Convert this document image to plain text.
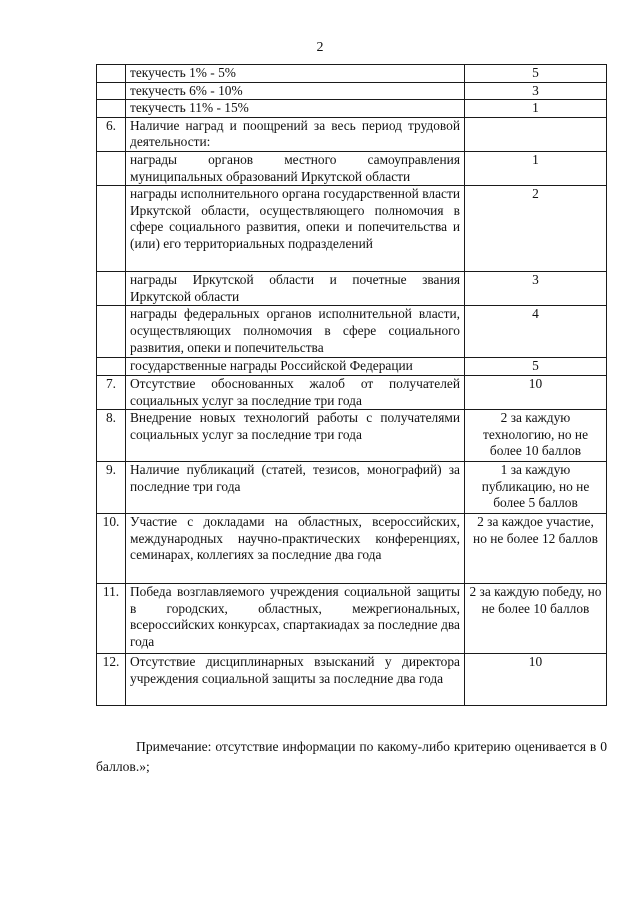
2
	текучесть 1% - 5%	5
	текучесть 6% - 10%	3
	текучесть 11% - 15%	1
6.	Наличие наград и поощрений за весь период трудовой деятельности:	
	награды органов местного самоуправления муниципальных образований Иркутской области	1
	награды исполнительного органа государственной власти Иркутской области, осуществляющего полномочия в сфере социального развития, опеки и попечительства и (или) его территориальных подразделений	2
	награды Иркутской области и почетные звания Иркутской области	3
	награды федеральных органов исполнительной власти, осуществляющих полномочия в сфере социального развития, опеки и попечительства	4
	государственные награды Российской Федерации	5
7.	Отсутствие обоснованных жалоб от получателей социальных услуг за последние три года	10
8.	Внедрение новых технологий работы с получателями социальных услуг за последние три года	2 за каждую технологию, но не более 10 баллов
9.	Наличие публикаций (статей, тезисов, монографий) за последние три года	1 за каждую публикацию, но не более 5 баллов
10.	Участие с докладами на областных, всероссийских, международных научно-практических конференциях, семинарах, коллегиях за последние два года	2 за каждое участие, но не более 12 баллов
11.	Победа возглавляемого учреждения социальной защиты в городских, областных, межрегиональных, всероссийских конкурсах, спартакиадах за последние два года	2 за каждую победу, но не более 10 баллов
12.	Отсутствие дисциплинарных взысканий у директора учреждения социальной защиты за последние два года	10
Примечание: отсутствие информации по какому-либо критерию оценивается в 0 баллов.»;
